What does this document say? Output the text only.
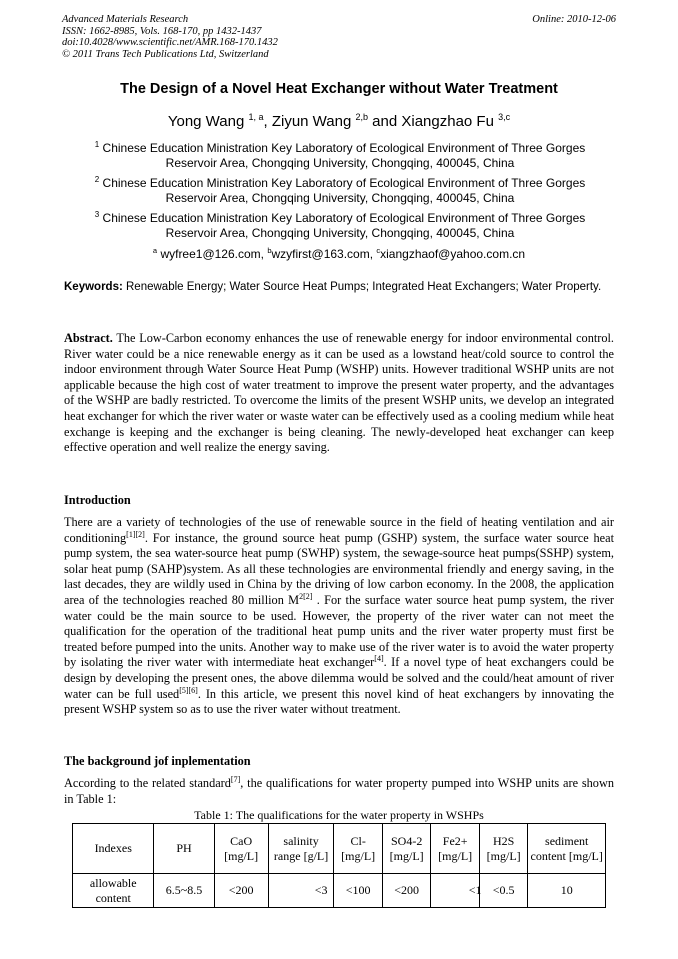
Advanced Materials Research
ISSN: 1662-8985, Vols. 168-170, pp 1432-1437
doi:10.4028/www.scientific.net/AMR.168-170.1432
© 2011 Trans Tech Publications Ltd, Switzerland
Online: 2010-12-06
The Design of a Novel Heat Exchanger without Water Treatment
Yong Wang $^{1, a}$, Ziyun Wang $^{2,b}$ and Xiangzhao Fu $^{3,c}$
$^1$ Chinese Education Ministration Key Laboratory of Ecological Environment of Three Gorges
Reservoir Area, Chongqing University, Chongqing, 400045, China
$^2$ Chinese Education Ministration Key Laboratory of Ecological Environment of Three Gorges
Reservoir Area, Chongqing University, Chongqing, 400045, China
$^3$ Chinese Education Ministration Key Laboratory of Ecological Environment of Three Gorges
Reservoir Area, Chongqing University, Chongqing, 400045, China
$^a$ wyfree1@126.com, $^b$wzyfirst@163.com, $^c$xiangzhaof@yahoo.com.cn
Keywords: Renewable Energy; Water Source Heat Pumps; Integrated Heat Exchangers; Water Property.
Abstract. The Low-Carbon economy enhances the use of renewable energy for indoor environmental control. River water could be a nice renewable energy as it can be used as a lowstand heat/cold source to control the indoor environment through Water Source Heat Pump (WSHP) units. However traditional WSHP units are not applicable because the high cost of water treatment to improve the present water property, and the advantages of the WSHP are badly restricted. To overcome the limits of the present WSHP units, we develop an integrated heat exchanger for which the river water or waste water can be effectively used as a cooling medium while heat exchange is keeping and the exchanger is being cleaning. The newly-developed heat exchanger can keep effective operation and well realize the energy saving.
Introduction
There are a variety of technologies of the use of renewable source in the field of heating ventilation and air conditioning[1][2]. For instance, the ground source heat pump (GSHP) system, the surface water source heat pump system, the sea water-source heat pump (SWHP) system, the sewage-source heat pumps(SSHP) system, solar heat pump (SAHP)system. As all these technologies are environmental friendly and energy saving, in the last decades, they are wildly used in China by the driving of low carbon economy. In the 2008, the application area of the technologies reached 80 million M$^{2[2]}$ . For the surface water source heat pump system, the river water could be the main source to be used. However, the property of the river water can not meet the qualification for the operation of the traditional heat pump units and the river water property must first be treated before pumped into the units. Another way to make use of the river water is to avoid the water property by isolating the river water with intermediate heat exchanger[4]. If a novel type of heat exchangers could be design by developing the present ones, the above dilemma would be solved and the could/heat amount of river water can be full used[5][6]. In this article, we present this novel kind of heat exchangers by innovating the present WSHP system so as to use the river water without treatment.
The background jof inplementation
According to the related standard[7], the qualifications for water property pumped into WSHP units are shown in Table 1:
Table 1: The qualifications for the water property in WSHPs
Indexes	PH	CaO [mg/L]	salinity range [g/L]	Cl- [mg/L]	SO4-2 [mg/L]	Fe2+ [mg/L]	H2S [mg/L]	sediment content [mg/L]
allowable content	6.5~8.5	<200	<3	<100	<200	<1	<0.5	10
